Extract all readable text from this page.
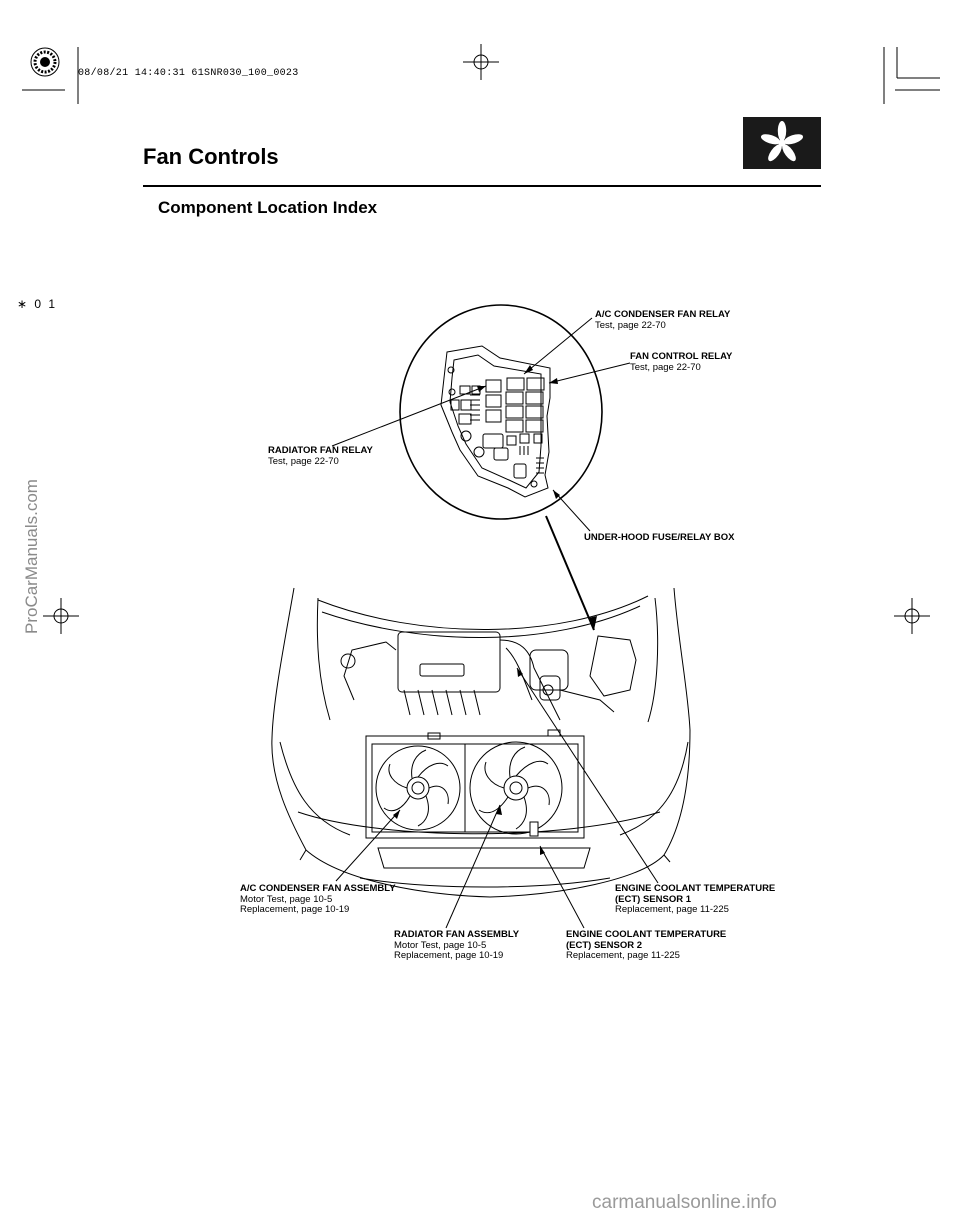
08/08/21 14:40:31 61SNR030_100_0023
Fan Controls
Component Location Index
∗ 0 1
A/C CONDENSER FAN RELAY
Test, page 22-70
FAN CONTROL RELAY
Test, page 22-70
RADIATOR FAN RELAY
Test, page 22-70
UNDER-HOOD FUSE/RELAY BOX
A/C CONDENSER FAN ASSEMBLY
Motor Test, page 10-5
Replacement, page 10-19
RADIATOR FAN ASSEMBLY
Motor Test, page 10-5
Replacement, page 10-19
ENGINE COOLANT TEMPERATURE
(ECT) SENSOR 1
Replacement, page 11-225
ENGINE COOLANT TEMPERATURE
(ECT) SENSOR 2
Replacement, page 11-225
ProCarManuals.com
carmanualsonline.info
